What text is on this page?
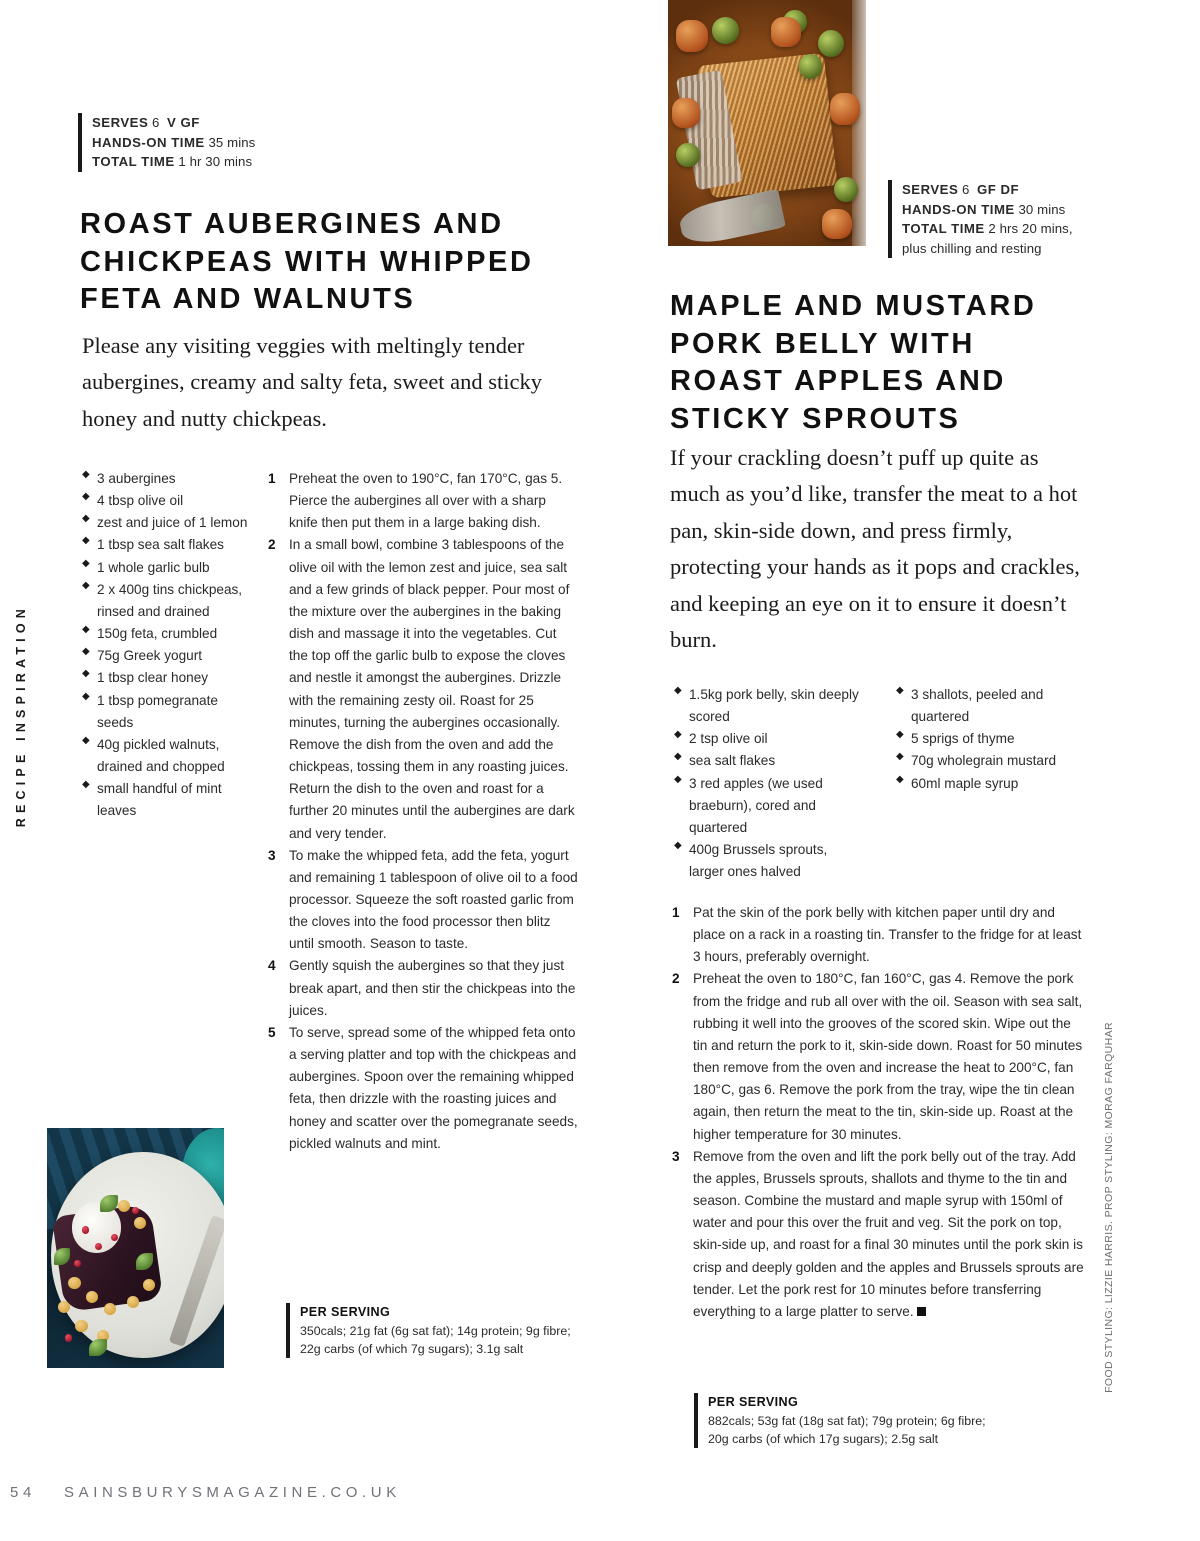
RECIPE INSPIRATION
FOOD STYLING: LIZZIE HARRIS. PROP STYLING: MORAG FARQUHAR
SERVES 6 V GF
HANDS-ON TIME 35 mins
TOTAL TIME 1 hr 30 mins
ROAST AUBERGINES AND CHICKPEAS WITH WHIPPED FETA AND WALNUTS

Please any visiting veggies with meltingly tender aubergines, creamy and salty feta, sweet and sticky honey and nutty chickpeas.

◆ 3 aubergines
◆ 4 tbsp olive oil
◆ zest and juice of 1 lemon
◆ 1 tbsp sea salt flakes
◆ 1 whole garlic bulb
◆ 2 x 400g tins chickpeas, rinsed and drained
◆ 150g feta, crumbled
◆ 75g Greek yogurt
◆ 1 tbsp clear honey
◆ 1 tbsp pomegranate seeds
◆ 40g pickled walnuts, drained and chopped
◆ small handful of mint leaves
1 Preheat the oven to 190°C, fan 170°C, gas 5. Pierce the aubergines all over with a sharp knife then put them in a large baking dish.
2 In a small bowl, combine 3 tablespoons of the olive oil with the lemon zest and juice, sea salt and a few grinds of black pepper. Pour most of the mixture over the aubergines in the baking dish and massage it into the vegetables. Cut the top off the garlic bulb to expose the cloves and nestle it amongst the aubergines. Drizzle with the remaining zesty oil. Roast for 25 minutes, turning the aubergines occasionally. Remove the dish from the oven and add the chickpeas, tossing them in any roasting juices. Return the dish to the oven and roast for a further 20 minutes until the aubergines are dark and very tender.
3 To make the whipped feta, add the feta, yogurt and remaining 1 tablespoon of olive oil to a food processor. Squeeze the soft roasted garlic from the cloves into the food processor then blitz until smooth. Season to taste.
4 Gently squish the aubergines so that they just break apart, and then stir the chickpeas into the juices.
5 To serve, spread some of the whipped feta onto a serving platter and top with the chickpeas and aubergines. Spoon over the remaining whipped feta, then drizzle with the roasting juices and honey and scatter over the pomegranate seeds, pickled walnuts and mint.
PER SERVING
350cals; 21g fat (6g sat fat); 14g protein; 9g fibre; 22g carbs (of which 7g sugars); 3.1g salt
SERVES 6 GF DF
HANDS-ON TIME 30 mins
TOTAL TIME 2 hrs 20 mins,
plus chilling and resting
MAPLE AND MUSTARD PORK BELLY WITH ROAST APPLES AND STICKY SPROUTS

If your crackling doesn’t puff up quite as much as you’d like, transfer the meat to a hot pan, skin-side down, and press firmly, protecting your hands as it pops and crackles, and keeping an eye on it to ensure it doesn’t burn.

◆ 1.5kg pork belly, skin deeply scored
◆ 2 tsp olive oil
◆ sea salt flakes
◆ 3 red apples (we used braeburn), cored and quartered
◆ 400g Brussels sprouts, larger ones halved
◆ 3 shallots, peeled and quartered
◆ 5 sprigs of thyme
◆ 70g wholegrain mustard
◆ 60ml maple syrup
1 Pat the skin of the pork belly with kitchen paper until dry and place on a rack in a roasting tin. Transfer to the fridge for at least 3 hours, preferably overnight.
2 Preheat the oven to 180°C, fan 160°C, gas 4. Remove the pork from the fridge and rub all over with the oil. Season with sea salt, rubbing it well into the grooves of the scored skin. Wipe out the tin and return the pork to it, skin-side down. Roast for 50 minutes then remove from the oven and increase the heat to 200°C, fan 180°C, gas 6. Remove the pork from the tray, wipe the tin clean again, then return the meat to the tin, skin-side up. Roast at the higher temperature for 30 minutes.
3 Remove from the oven and lift the pork belly out of the tray. Add the apples, Brussels sprouts, shallots and thyme to the tin and season. Combine the mustard and maple syrup with 150ml of water and pour this over the fruit and veg. Sit the pork on top, skin-side up, and roast for a final 30 minutes until the pork skin is crisp and deeply golden and the apples and Brussels sprouts are tender. Let the pork rest for 10 minutes before transferring everything to a large platter to serve.
PER SERVING
882cals; 53g fat (18g sat fat); 79g protein; 6g fibre; 20g carbs (of which 17g sugars); 2.5g salt
54 SAINSBURYSMAGAZINE.CO.UK
